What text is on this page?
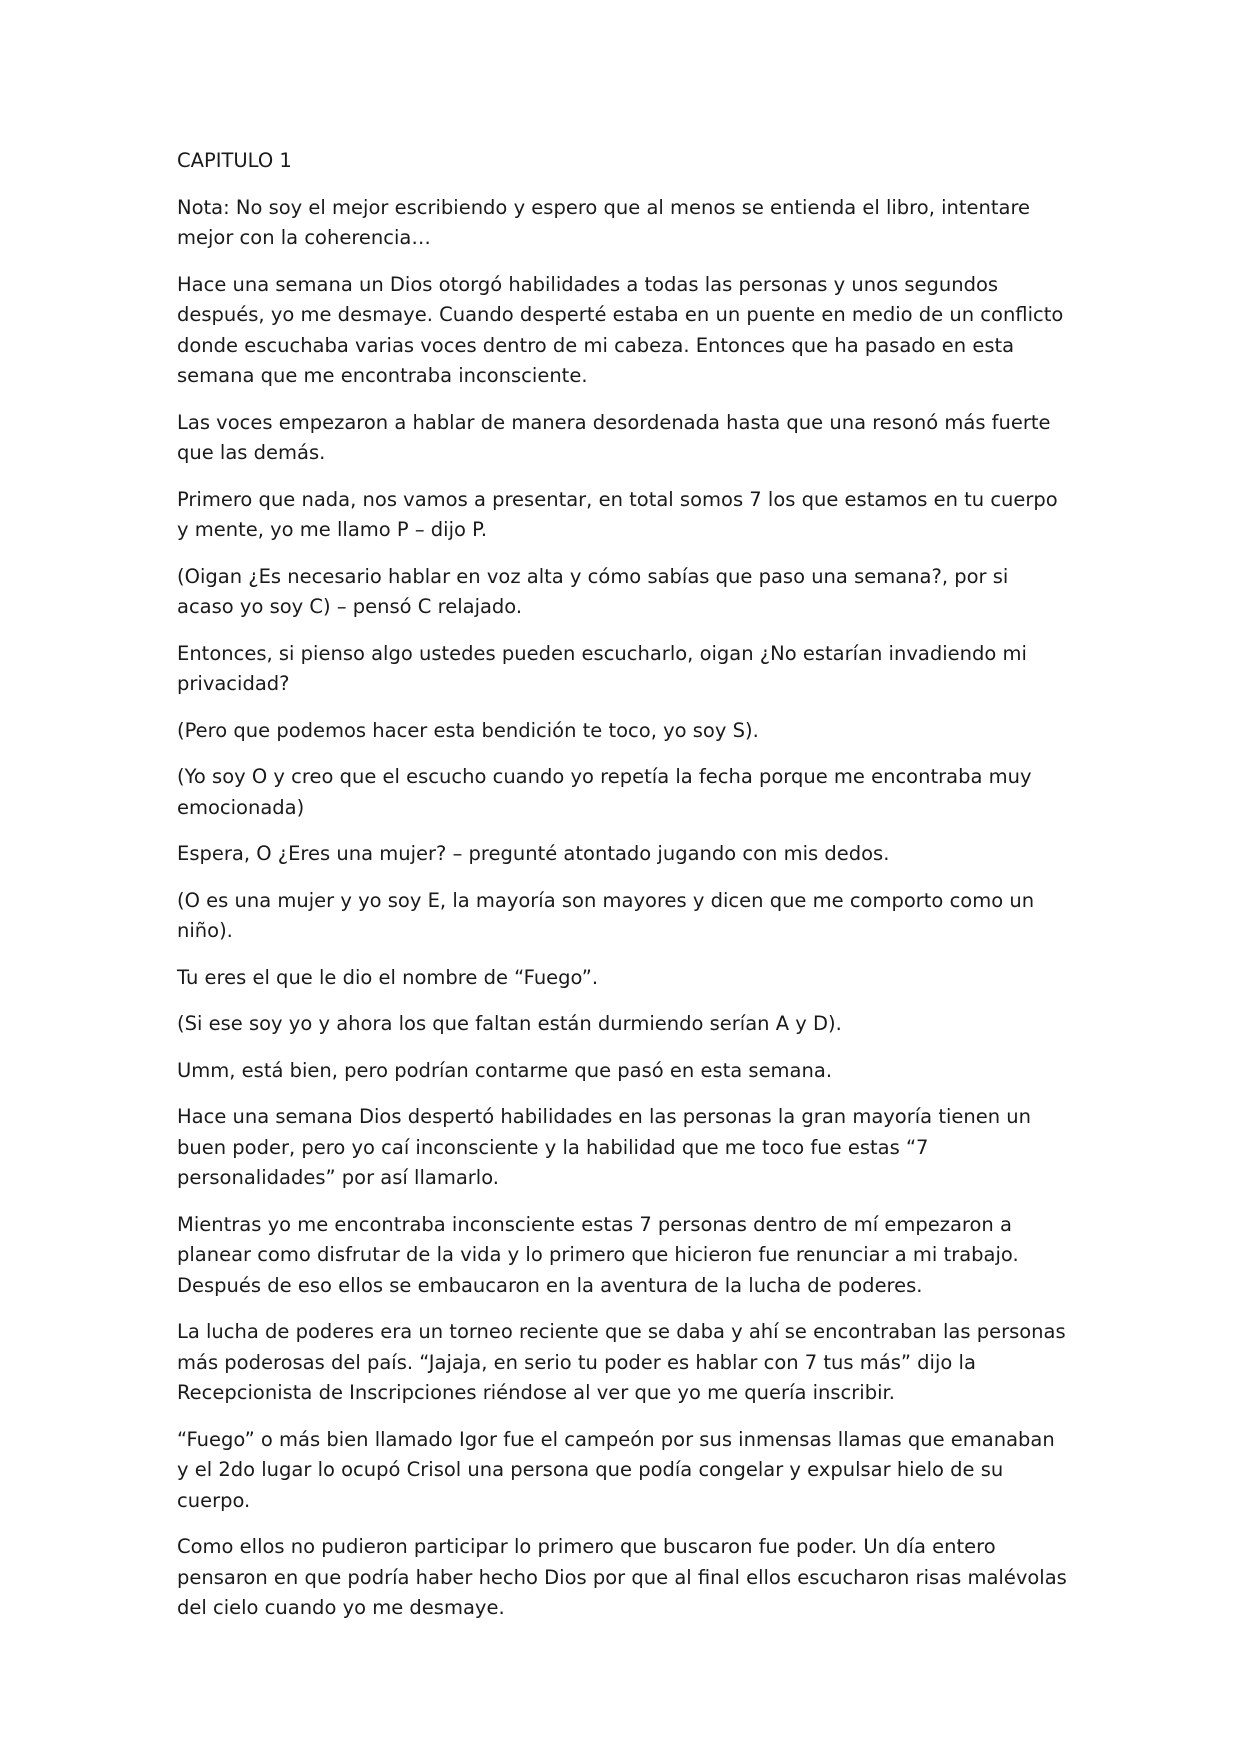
CAPITULO 1

Nota: No soy el mejor escribiendo y espero que al menos se entienda el libro, intentare mejor con la coherencia…

Hace una semana un Dios otorgó habilidades a todas las personas y unos segundos después, yo me desmaye. Cuando desperté estaba en un puente en medio de un conflicto donde escuchaba varias voces dentro de mi cabeza. Entonces que ha pasado en esta semana que me encontraba inconsciente.

Las voces empezaron a hablar de manera desordenada hasta que una resonó más fuerte que las demás.

Primero que nada, nos vamos a presentar, en total somos 7 los que estamos en tu cuerpo y mente, yo me llamo P – dijo P.

(Oigan ¿Es necesario hablar en voz alta y cómo sabías que paso una semana?, por si acaso yo soy C) – pensó C relajado.

Entonces, si pienso algo ustedes pueden escucharlo, oigan ¿No estarían invadiendo mi privacidad?

(Pero que podemos hacer esta bendición te toco, yo soy S).

(Yo soy O y creo que el escucho cuando yo repetía la fecha porque me encontraba muy emocionada)

Espera, O ¿Eres una mujer? – pregunté atontado jugando con mis dedos.

(O es una mujer y yo soy E, la mayoría son mayores y dicen que me comporto como un niño).

Tu eres el que le dio el nombre de “Fuego”.

(Si ese soy yo y ahora los que faltan están durmiendo serían A y D).

Umm, está bien, pero podrían contarme que pasó en esta semana.

Hace una semana Dios despertó habilidades en las personas la gran mayoría tienen un buen poder, pero yo caí inconsciente y la habilidad que me toco fue estas “7 personalidades” por así llamarlo.

Mientras yo me encontraba inconsciente estas 7 personas dentro de mí empezaron a planear como disfrutar de la vida y lo primero que hicieron fue renunciar a mi trabajo. Después de eso ellos se embaucaron en la aventura de la lucha de poderes.

La lucha de poderes era un torneo reciente que se daba y ahí se encontraban las personas más poderosas del país. “Jajaja, en serio tu poder es hablar con 7 tus más” dijo la Recepcionista de Inscripciones riéndose al ver que yo me quería inscribir.

“Fuego” o más bien llamado Igor fue el campeón por sus inmensas llamas que emanaban y el 2do lugar lo ocupó Crisol una persona que podía congelar y expulsar hielo de su cuerpo.

Como ellos no pudieron participar lo primero que buscaron fue poder. Un día entero pensaron en que podría haber hecho Dios por que al final ellos escucharon risas malévolas del cielo cuando yo me desmaye.
